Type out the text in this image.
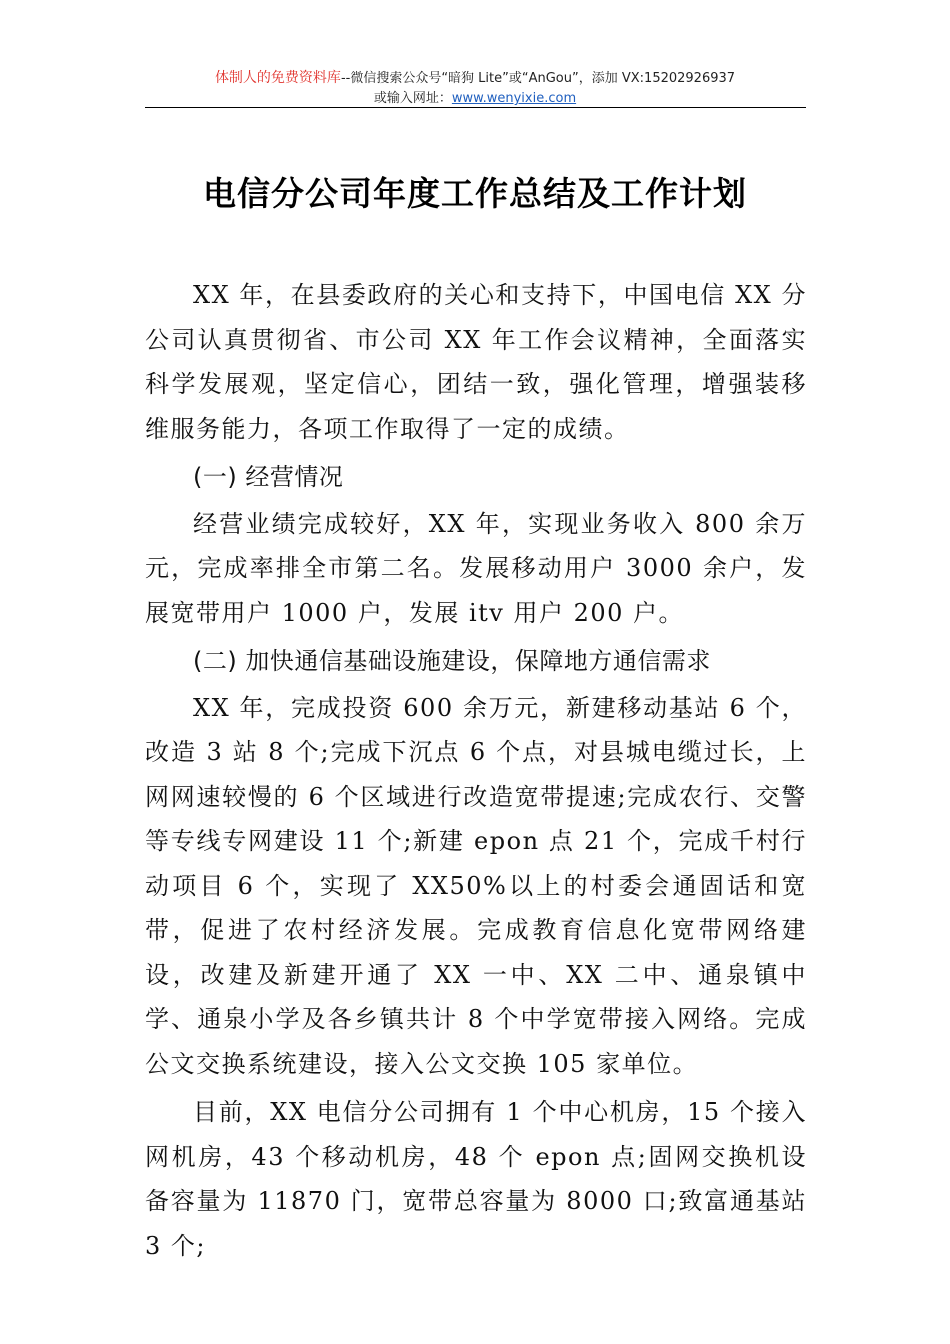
体制人的免费资料库--微信搜索公众号“暗狗 Lite”或“AnGou”，添加 VX:15202926937
或输入网址：www.wenyixie.com
电信分公司年度工作总结及工作计划

XX 年，在县委政府的关心和支持下，中国电信 XX 分公司认真贯彻省、市公司 XX 年工作会议精神，全面落实科学发展观，坚定信心，团结一致，强化管理，增强装移维服务能力，各项工作取得了一定的成绩。

(一) 经营情况

经营业绩完成较好，XX 年，实现业务收入 800 余万元，完成率排全市第二名。发展移动用户 3000 余户，发展宽带用户 1000 户，发展 itv 用户 200 户。

(二) 加快通信基础设施建设，保障地方通信需求

XX 年，完成投资 600 余万元，新建移动基站 6 个，改造 3 站 8 个;完成下沉点 6 个点，对县城电缆过长，上网网速较慢的 6 个区域进行改造宽带提速;完成农行、交警等专线专网建设 11 个;新建 epon 点 21 个，完成千村行动项目 6 个，实现了 XX50%以上的村委会通固话和宽带，促进了农村经济发展。完成教育信息化宽带网络建设，改建及新建开通了 XX 一中、XX 二中、通泉镇中学、通泉小学及各乡镇共计 8 个中学宽带接入网络。完成公文交换系统建设，接入公文交换 105 家单位。

目前，XX 电信分公司拥有 1 个中心机房，15 个接入网机房，43 个移动机房，48 个 epon 点;固网交换机设备容量为 11870 门，宽带总容量为 8000 口;致富通基站 3 个;
